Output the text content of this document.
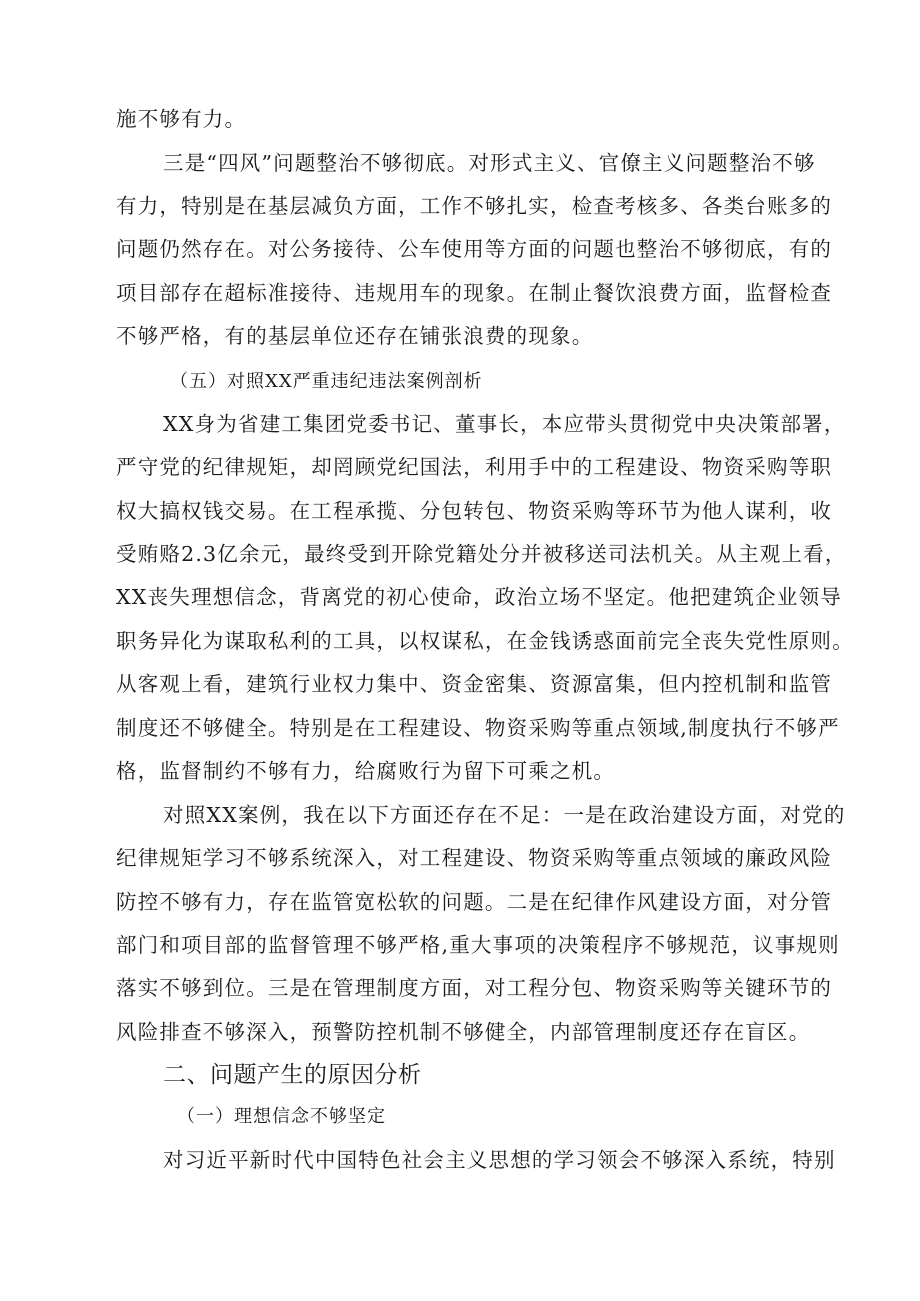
施不够有力。
三是“四风”问题整治不够彻底。对形式主义、官僚主义问题整治不够
有力，特别是在基层减负方面，工作不够扎实，检查考核多、各类台账多的
问题仍然存在。对公务接待、公车使用等方面的问题也整治不够彻底，有的
项目部存在超标准接待、违规用车的现象。在制止餐饮浪费方面，监督检查
不够严格，有的基层单位还存在铺张浪费的现象。
（五）对照XX严重违纪违法案例剖析
XX身为省建工集团党委书记、董事长，本应带头贯彻党中央决策部署，
严守党的纪律规矩，却罔顾党纪国法，利用手中的工程建设、物资采购等职
权大搞权钱交易。在工程承揽、分包转包、物资采购等环节为他人谋利，收
受贿赂2.3亿余元，最终受到开除党籍处分并被移送司法机关。从主观上看，
XX丧失理想信念，背离党的初心使命，政治立场不坚定。他把建筑企业领导
职务异化为谋取私利的工具，以权谋私，在金钱诱惑面前完全丧失党性原则。
从客观上看，建筑行业权力集中、资金密集、资源富集，但内控机制和监管
制度还不够健全。特别是在工程建设、物资采购等重点领域,制度执行不够严
格，监督制约不够有力，给腐败行为留下可乘之机。
对照XX案例，我在以下方面还存在不足：一是在政治建设方面，对党的
纪律规矩学习不够系统深入，对工程建设、物资采购等重点领域的廉政风险
防控不够有力，存在监管宽松软的问题。二是在纪律作风建设方面，对分管
部门和项目部的监督管理不够严格,重大事项的决策程序不够规范，议事规则
落实不够到位。三是在管理制度方面，对工程分包、物资采购等关键环节的
风险排查不够深入，预警防控机制不够健全，内部管理制度还存在盲区。
二、问题产生的原因分析
（一）理想信念不够坚定
对习近平新时代中国特色社会主义思想的学习领会不够深入系统，特别
